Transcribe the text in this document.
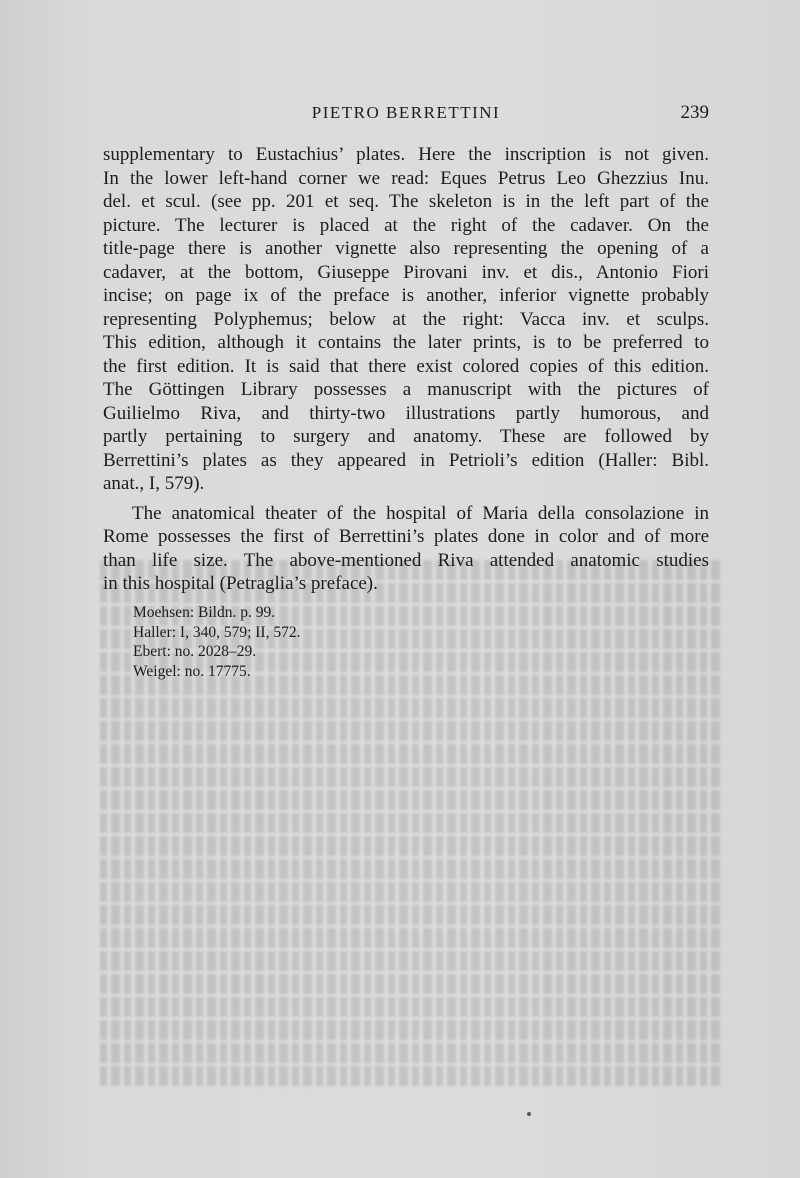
PIETRO BERRETTINI	239
supplementary to Eustachius’ plates. Here the inscription is not given.
In the lower left-hand corner we read: Eques Petrus Leo Ghezzius Inu.
del. et scul. (see pp. 201 et seq. The skeleton is in the left part of the
picture. The lecturer is placed at the right of the cadaver. On the
title-page there is another vignette also representing the opening of a
cadaver, at the bottom, Giuseppe Pirovani inv. et dis., Antonio Fiori
incise; on page ix of the preface is another, inferior vignette probably
representing Polyphemus; below at the right: Vacca inv. et sculps.
This edition, although it contains the later prints, is to be preferred to
the first edition. It is said that there exist colored copies of this edition.
The Göttingen Library possesses a manuscript with the pictures of
Guilielmo Riva, and thirty-two illustrations partly humorous, and
partly pertaining to surgery and anatomy. These are followed by
Berrettini’s plates as they appeared in Petrioli’s edition (Haller: Bibl.
anat., I, 579).
The anatomical theater of the hospital of Maria della consolazione in
Rome possesses the first of Berrettini’s plates done in color and of more
than life size. The above-mentioned Riva attended anatomic studies
in this hospital (Petraglia’s preface).
Moehsen: Bildn. p. 99.
Haller: I, 340, 579; II, 572.
Ebert: no. 2028–29.
Weigel: no. 17775.
